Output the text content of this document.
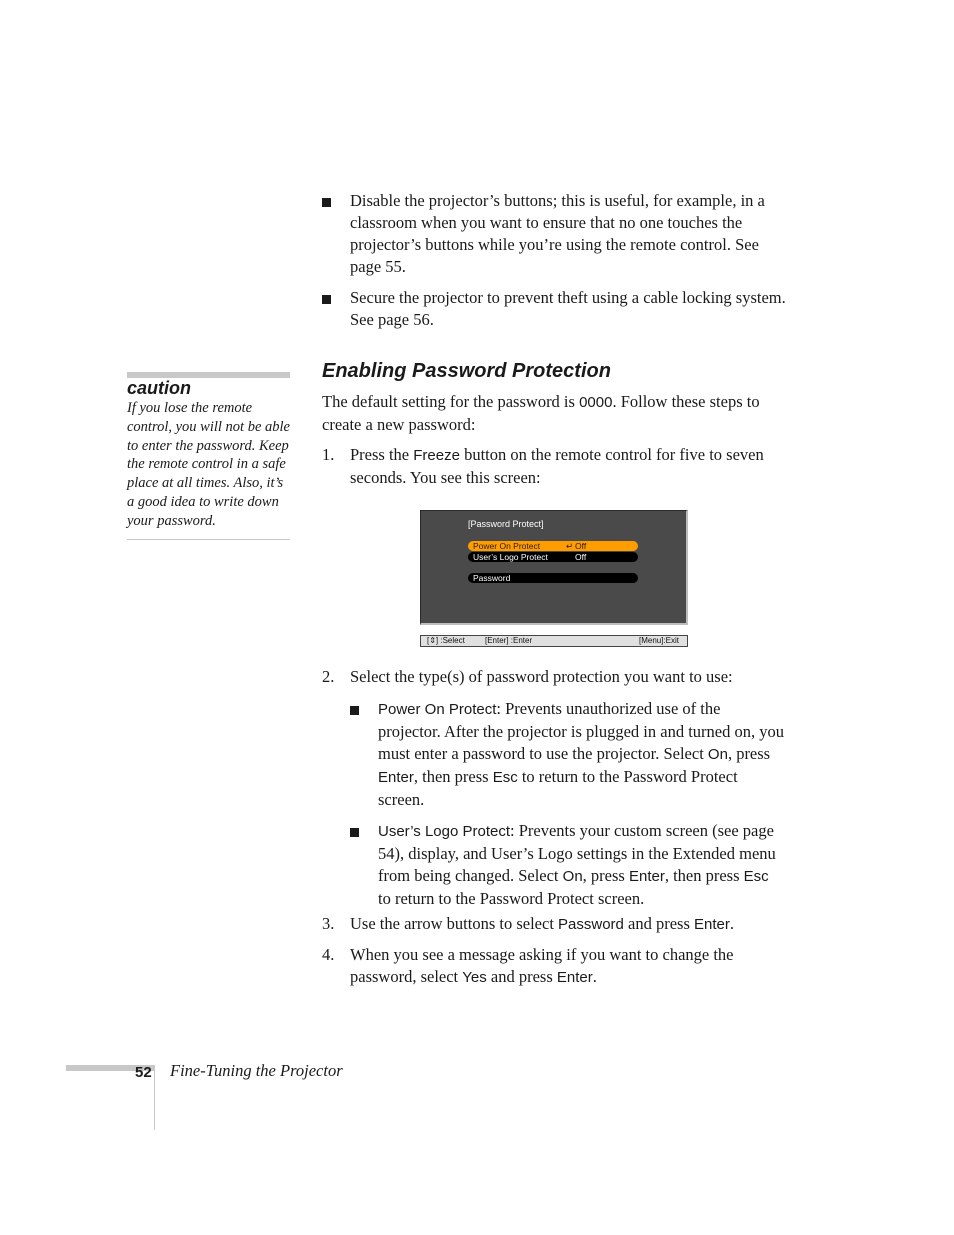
Disable the projector’s buttons; this is useful, for example, in a classroom when you want to ensure that no one touches the projector’s buttons while you’re using the remote control. See page 55.
Secure the projector to prevent theft using a cable locking system. See page 56.
caution
If you lose the remote control, you will not be able to enter the password. Keep the remote control in a safe place at all times. Also, it’s a good idea to write down your password.
Enabling Password Protection
The default setting for the password is 0000. Follow these steps to create a new password:
1. Press the Freeze button on the remote control for five to seven seconds. You see this screen:
[Password Protect]
Power On Protect	↵ Off
User’s Logo Protect	Off
Password
[⇕] :Select	[Enter] :Enter	[Menu]:Exit
2. Select the type(s) of password protection you want to use:
Power On Protect: Prevents unauthorized use of the projector. After the projector is plugged in and turned on, you must enter a password to use the projector. Select On, press Enter, then press Esc to return to the Password Protect screen.
User’s Logo Protect: Prevents your custom screen (see page 54), display, and User’s Logo settings in the Extended menu from being changed. Select On, press Enter, then press Esc to return to the Password Protect screen.
3. Use the arrow buttons to select Password and press Enter.
4. When you see a message asking if you want to change the password, select Yes and press Enter.
52 Fine-Tuning the Projector
